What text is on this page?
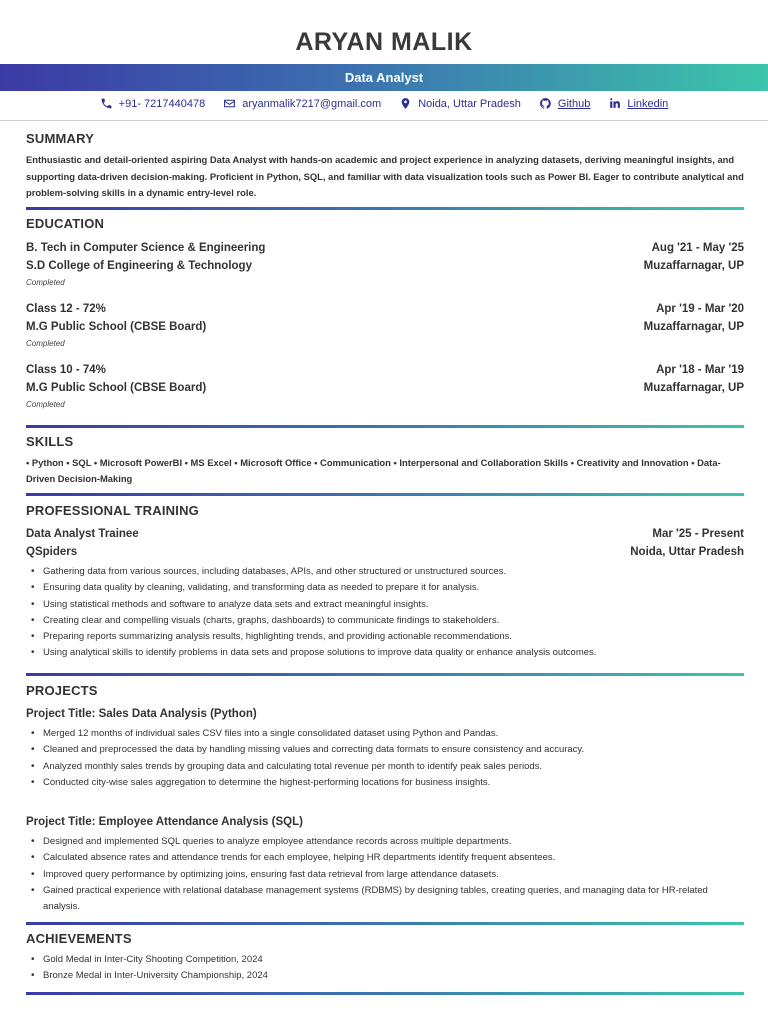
ARYAN MALIK
Data Analyst
+91- 7217440478	aryanmalik7217@gmail.com	Noida, Uttar Pradesh	Github	Linkedin
SUMMARY
Enthusiastic and detail-oriented aspiring Data Analyst with hands-on academic and project experience in analyzing datasets, deriving meaningful insights, and supporting data-driven decision-making. Proficient in Python, SQL, and familiar with data visualization tools such as Power BI. Eager to contribute analytical and problem-solving skills in a dynamic entry-level role.
EDUCATION
B. Tech in Computer Science & Engineering	Aug '21 - May '25
S.D College of Engineering & Technology	Muzaffarnagar, UP
Completed
Class 12 - 72%	Apr '19 - Mar '20
M.G Public School (CBSE Board)	Muzaffarnagar, UP
Completed
Class 10 - 74%	Apr '18 - Mar '19
M.G Public School (CBSE Board)	Muzaffarnagar, UP
Completed
SKILLS
• Python • SQL • Microsoft PowerBI • MS Excel • Microsoft Office • Communication • Interpersonal and Collaboration Skills • Creativity and Innovation • Data-Driven Decision-Making
PROFESSIONAL TRAINING
Data Analyst Trainee	Mar '25 - Present
QSpiders	Noida, Uttar Pradesh
• Gathering data from various sources, including databases, APIs, and other structured or unstructured sources.
• Ensuring data quality by cleaning, validating, and transforming data as needed to prepare it for analysis.
• Using statistical methods and software to analyze data sets and extract meaningful insights.
• Creating clear and compelling visuals (charts, graphs, dashboards) to communicate findings to stakeholders.
• Preparing reports summarizing analysis results, highlighting trends, and providing actionable recommendations.
• Using analytical skills to identify problems in data sets and propose solutions to improve data quality or enhance analysis outcomes.
PROJECTS
Project Title: Sales Data Analysis (Python)
• Merged 12 months of individual sales CSV files into a single consolidated dataset using Python and Pandas.
• Cleaned and preprocessed the data by handling missing values and correcting data formats to ensure consistency and accuracy.
• Analyzed monthly sales trends by grouping data and calculating total revenue per month to identify peak sales periods.
• Conducted city-wise sales aggregation to determine the highest-performing locations for business insights.
Project Title: Employee Attendance Analysis (SQL)
• Designed and implemented SQL queries to analyze employee attendance records across multiple departments.
• Calculated absence rates and attendance trends for each employee, helping HR departments identify frequent absentees.
• Improved query performance by optimizing joins, ensuring fast data retrieval from large attendance datasets.
• Gained practical experience with relational database management systems (RDBMS) by designing tables, creating queries, and managing data for HR-related analysis.
ACHIEVEMENTS
• Gold Medal in Inter-City Shooting Competition, 2024
• Bronze Medal in Inter-University Championship, 2024
